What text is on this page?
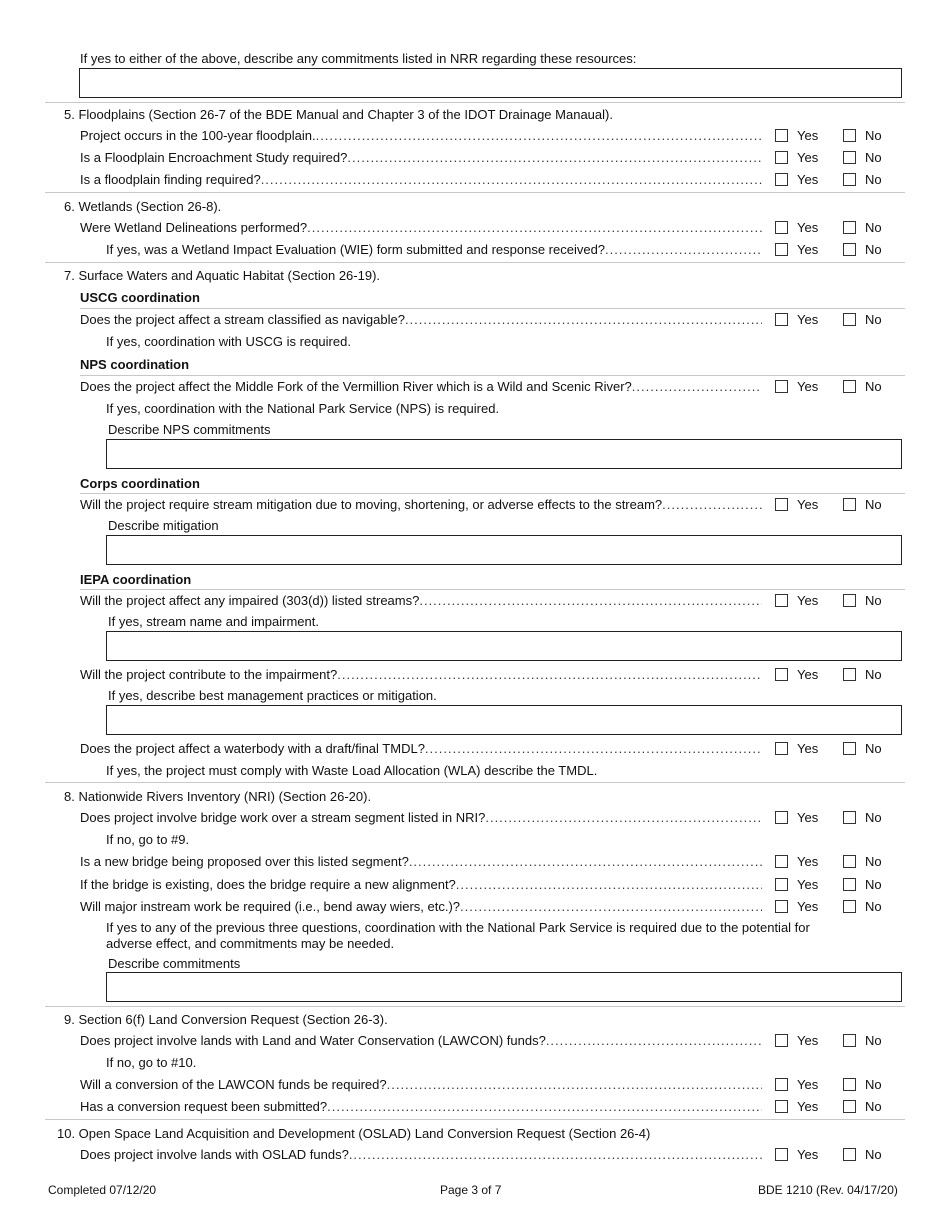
If yes to either of the above, describe any commitments listed in NRR regarding these resources:
5. Floodplains (Section 26-7 of the BDE Manual and Chapter 3 of the IDOT Drainage Manaual).
Project occurs in the 100-year floodplain. .....	Yes	No
Is a Floodplain Encroachment Study required? .....	Yes	No
Is a floodplain finding required? .....	Yes	No
6. Wetlands (Section 26-8).
Were Wetland Delineations performed? .....	Yes	No
If yes, was a Wetland Impact Evaluation (WIE) form submitted and response received? .....	Yes	No
7. Surface Waters and Aquatic Habitat (Section 26-19).
USCG coordination
Does the project affect a stream classified as navigable? .....	Yes	No
If yes, coordination with USCG is required.
NPS coordination
Does the project affect the Middle Fork of the Vermillion River which is a Wild and Scenic River? .....	Yes	No
If yes, coordination with the National Park Service (NPS) is required.
Describe NPS commitments
Corps coordination
Will the project require stream mitigation due to moving, shortening, or adverse effects to the stream? .....	Yes	No
Describe mitigation
IEPA coordination
Will the project affect any impaired (303(d)) listed streams? .....	Yes	No
If yes, stream name and impairment.
Will the project contribute to the impairment? .....	Yes	No
If yes, describe best management practices or mitigation.
Does the project affect a waterbody with a draft/final TMDL? .....	Yes	No
If yes, the project must comply with Waste Load Allocation (WLA) describe the TMDL.
8. Nationwide Rivers Inventory (NRI) (Section 26-20).
Does project involve bridge work over a stream segment listed in NRI? .....	Yes	No
If no, go to #9.
Is a new bridge being proposed over this listed segment? .....	Yes	No
If the bridge is existing, does the bridge require a new alignment? .....	Yes	No
Will major instream work be required (i.e., bend away wiers, etc.)? .....	Yes	No
If yes to any of the previous three questions, coordination with the National Park Service is required due to the potential for
adverse effect, and commitments may be needed.
Describe commitments
9. Section 6(f) Land Conversion Request (Section 26-3).
Does project involve lands with Land and Water Conservation (LAWCON) funds? .....	Yes	No
If no, go to #10.
Will a conversion of the LAWCON funds be required? .....	Yes	No
Has a conversion request been submitted? .....	Yes	No
10. Open Space Land Acquisition and Development (OSLAD) Land Conversion Request (Section 26-4)
Does project involve lands with OSLAD funds? .....	Yes	No
Completed 07/12/20	Page 3 of 7	BDE 1210 (Rev. 04/17/20)
